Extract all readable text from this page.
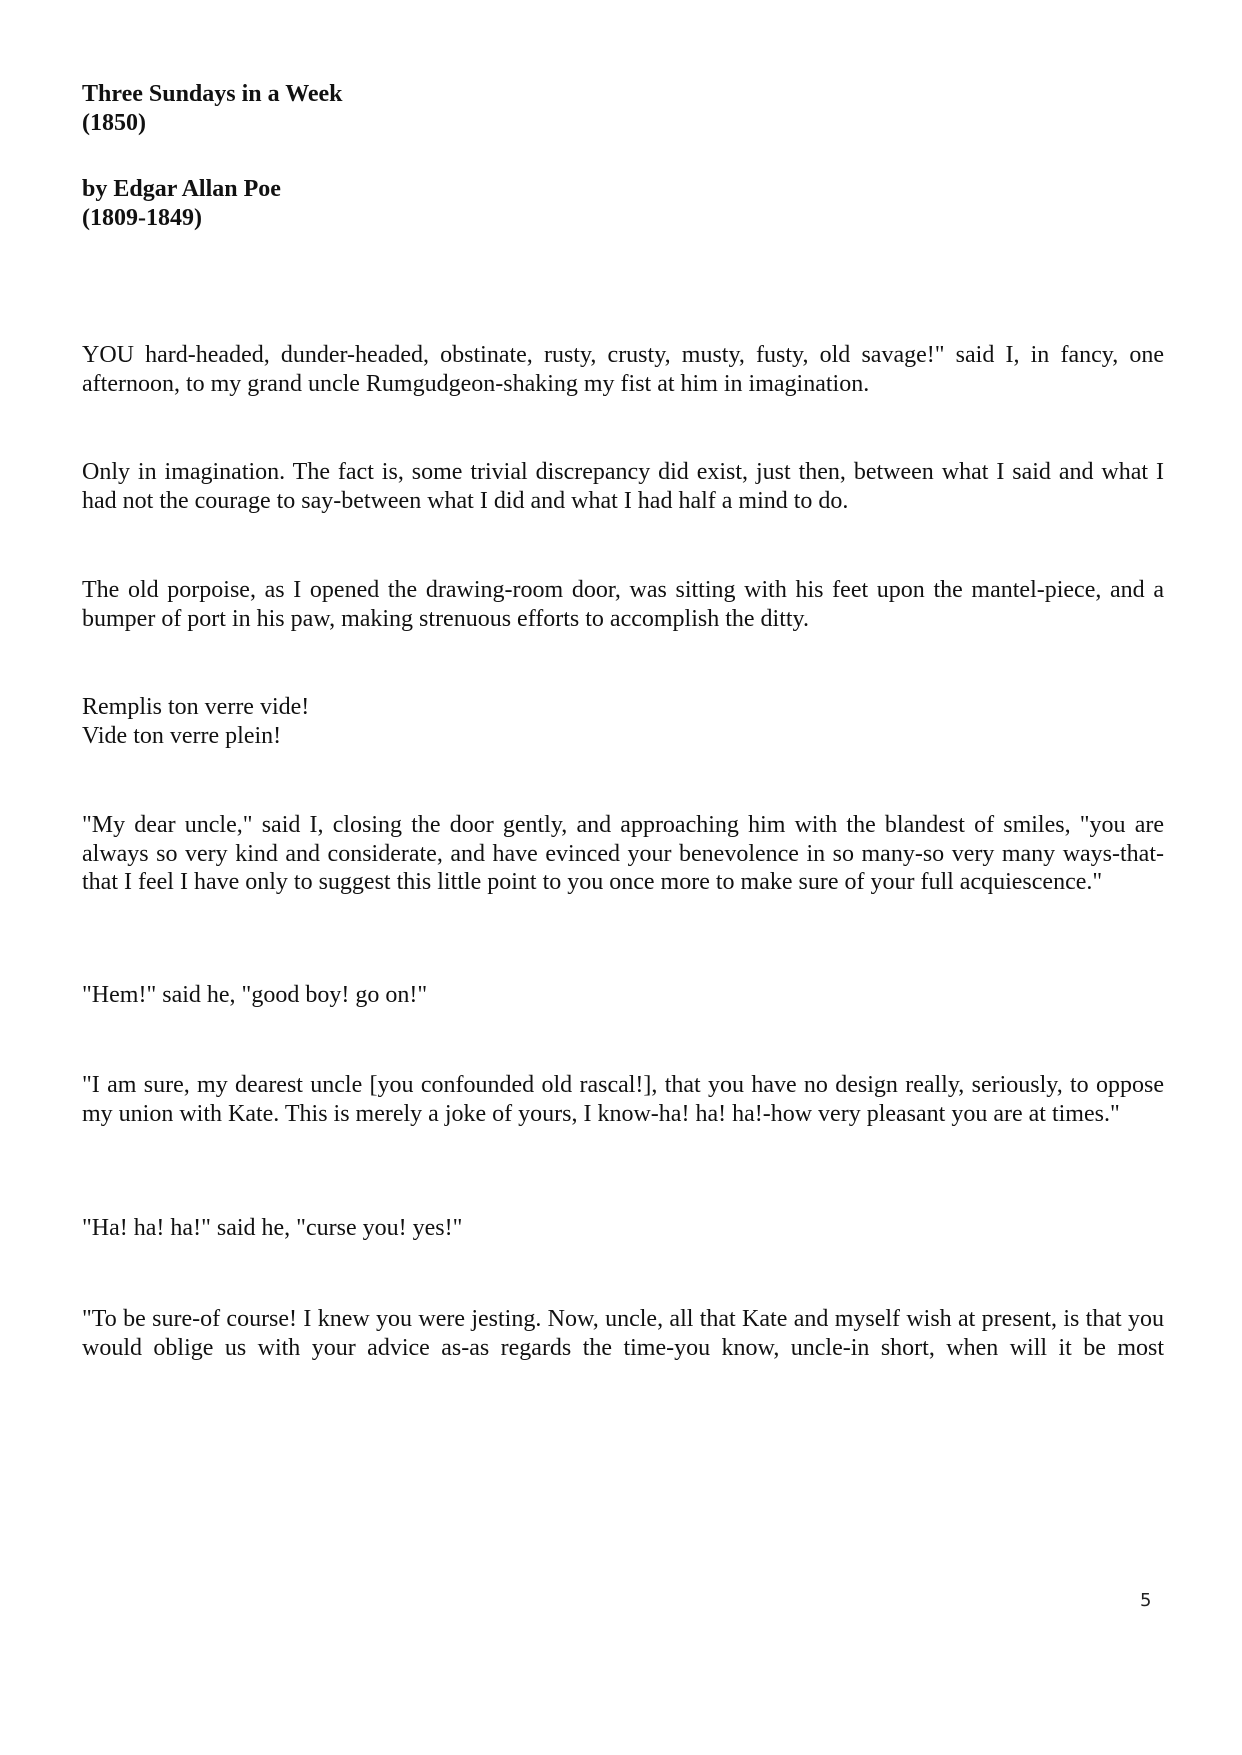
Three Sundays in a Week
(1850)
by Edgar Allan Poe
(1809-1849)

YOU hard-headed, dunder-headed, obstinate, rusty, crusty, musty, fusty, old savage!" said I, in fancy, one afternoon, to my grand uncle Rumgudgeon-shaking my fist at him in imagination.

Only in imagination. The fact is, some trivial discrepancy did exist, just then, between what I said and what I had not the courage to say-between what I did and what I had half a mind to do.

The old porpoise, as I opened the drawing-room door, was sitting with his feet upon the mantel-piece, and a bumper of port in his paw, making strenuous efforts to accomplish the ditty.

Remplis ton verre vide!
Vide ton verre plein!

"My dear uncle," said I, closing the door gently, and approaching him with the blandest of smiles, "you are always so very kind and considerate, and have evinced your benevolence in so many-so very many ways-that-that I feel I have only to suggest this little point to you once more to make sure of your full acquiescence."

"Hem!" said he, "good boy! go on!"

"I am sure, my dearest uncle [you confounded old rascal!], that you have no design really, seriously, to oppose my union with Kate. This is merely a joke of yours, I know-ha! ha! ha!-how very pleasant you are at times."

"Ha! ha! ha!" said he, "curse you! yes!"

"To be sure-of course! I knew you were jesting. Now, uncle, all that Kate and myself wish at present, is that you would oblige us with your advice as-as regards the time-you know, uncle-in short, when will it be most

5
